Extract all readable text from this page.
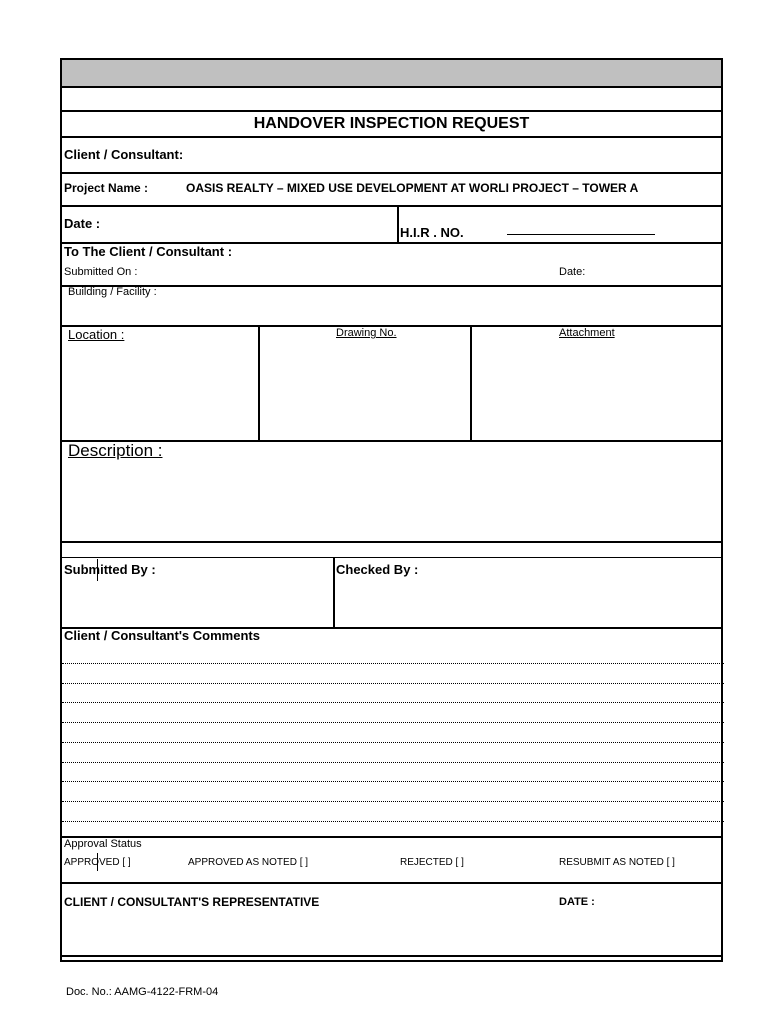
HANDOVER INSPECTION REQUEST
Client / Consultant:
Project Name :	OASIS REALTY – MIXED USE DEVELOPMENT AT WORLI PROJECT – TOWER A
Date :
H.I.R . NO.
To The Client / Consultant :
Submitted On :	Date:
Building / Facility :
Location :	Drawing No.	Attachment
Description :
Submitted By :	Checked By :
Client / Consultant's Comments
Approval Status
APPROVED [ ]	APPROVED AS NOTED [ ]	REJECTED [ ]	RESUBMIT AS NOTED [ ]
CLIENT / CONSULTANT'S REPRESENTATIVE	DATE :
Doc. No.: AAMG-4122-FRM-04
